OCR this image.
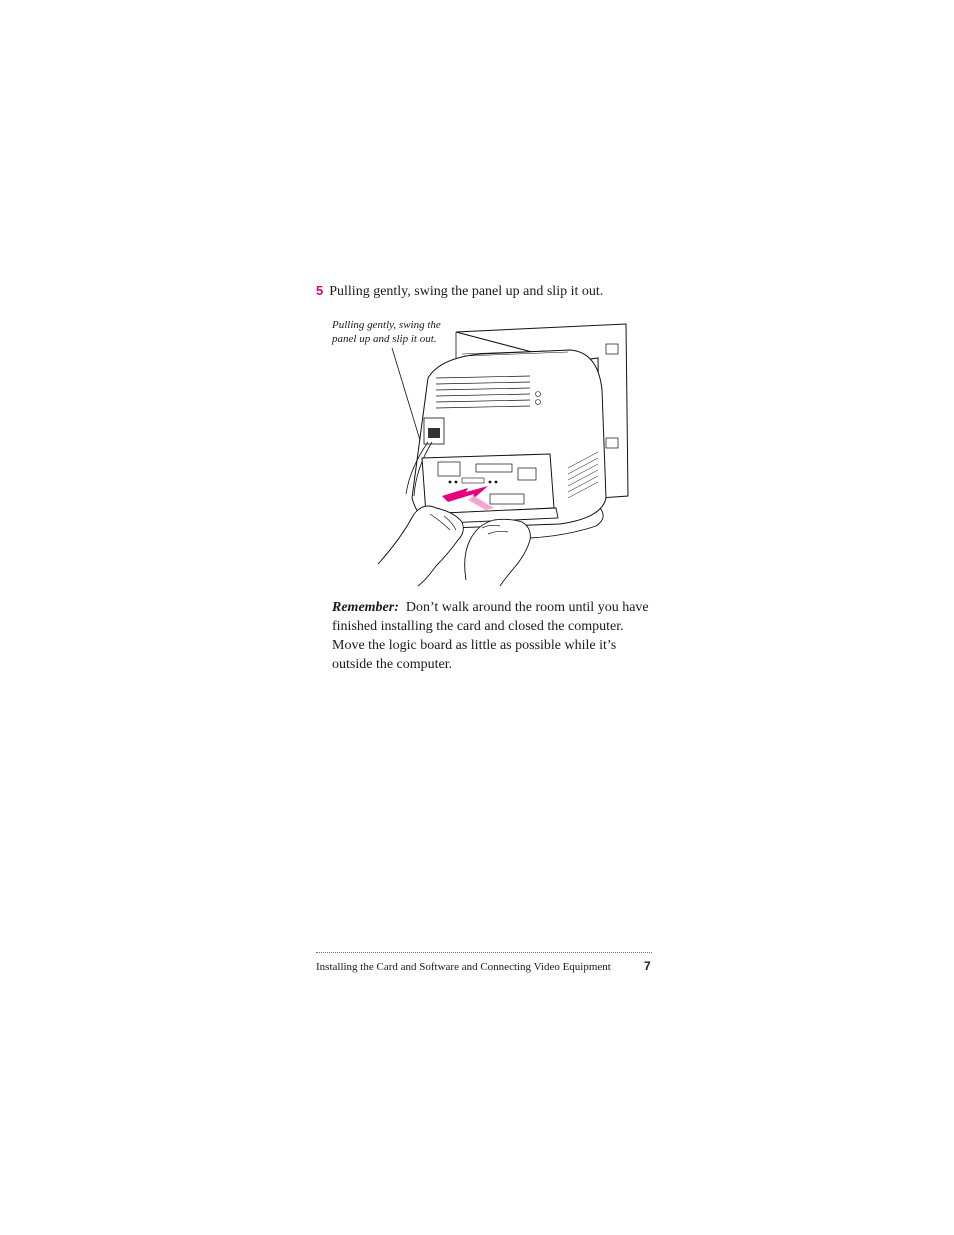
5 Pulling gently, swing the panel up and slip it out.
Pulling gently, swing the
panel up and slip it out.
Remember: Don’t walk around the room until you have finished installing the card and closed the computer. Move the logic board as little as possible while it’s outside the computer.
Installing the Card and Software and Connecting Video Equipment	7
